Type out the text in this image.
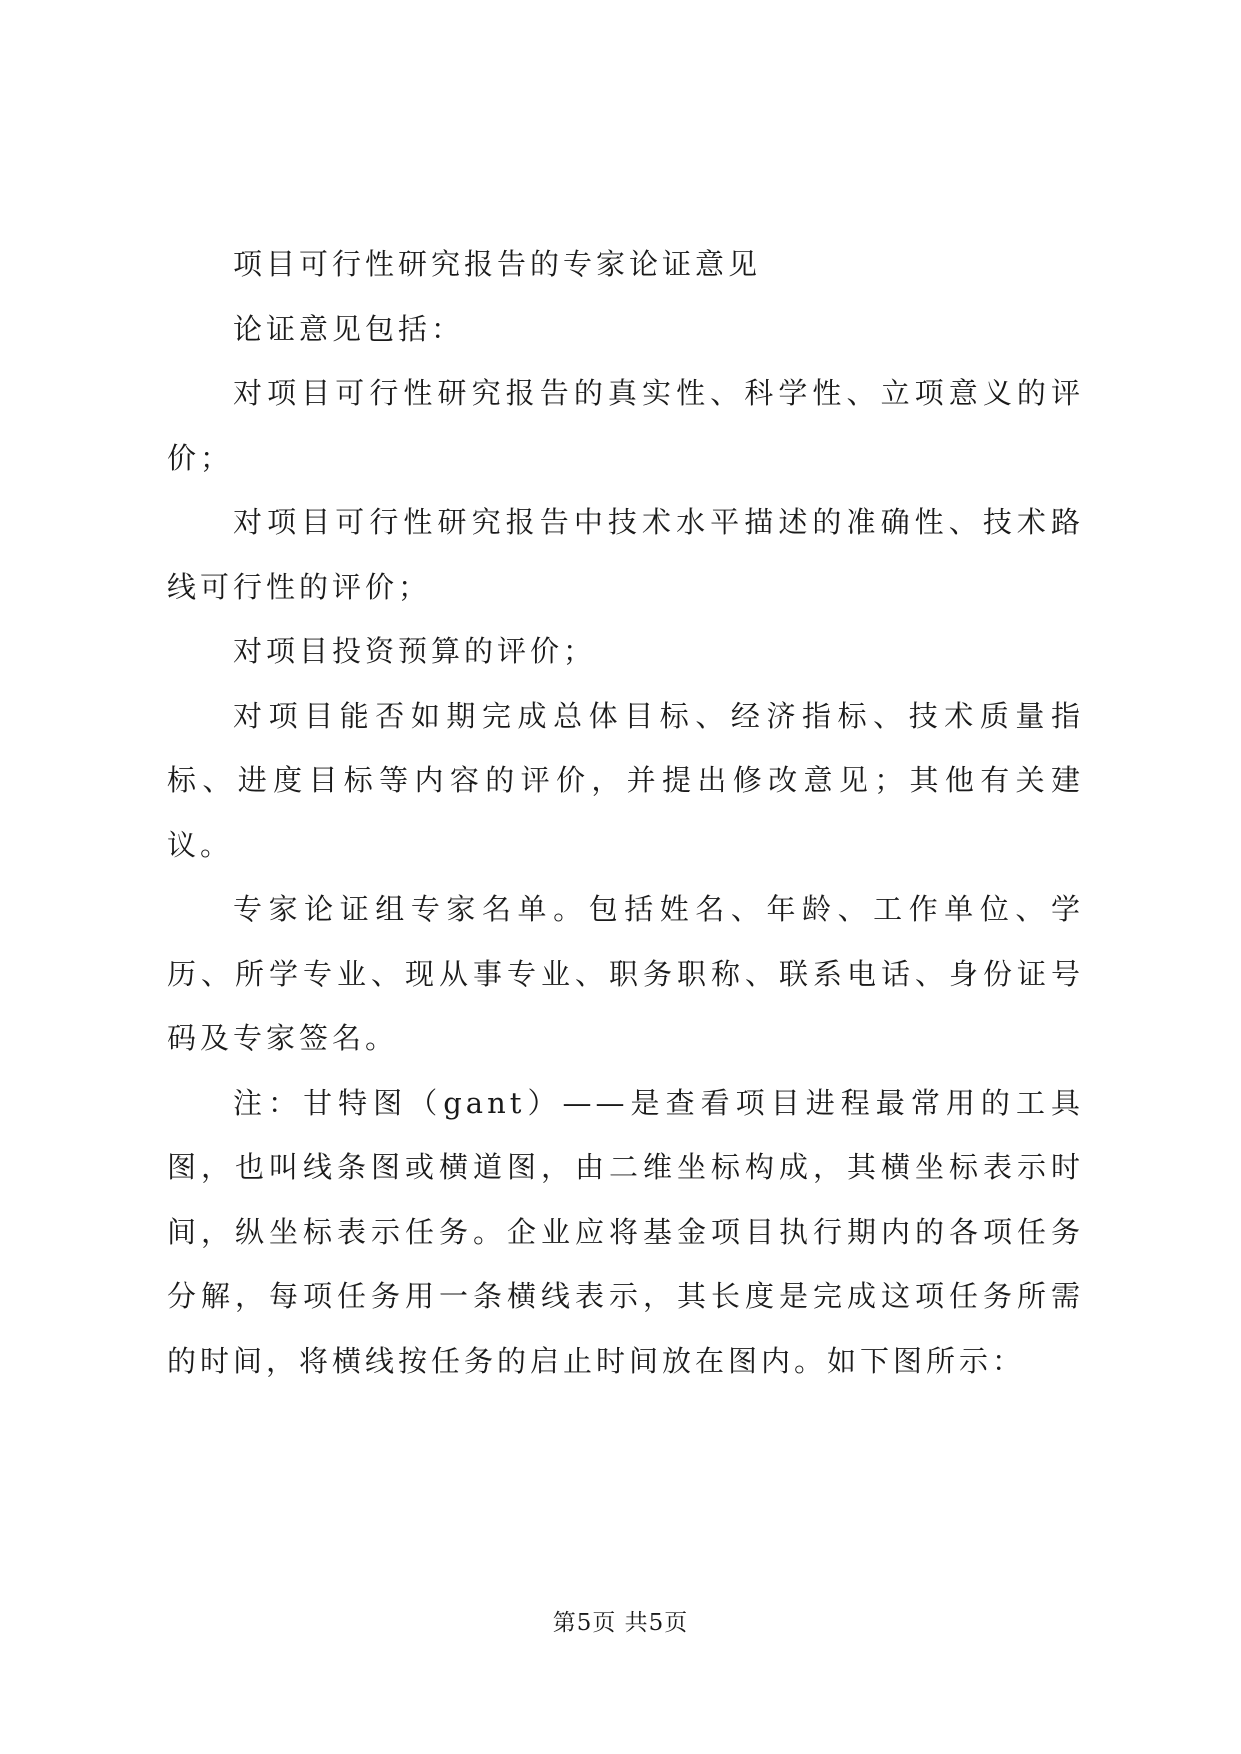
项目可行性研究报告的专家论证意见

论证意见包括：

对项目可行性研究报告的真实性、科学性、立项意义的评价；

对项目可行性研究报告中技术水平描述的准确性、技术路线可行性的评价；

对项目投资预算的评价；

对项目能否如期完成总体目标、经济指标、技术质量指标、进度目标等内容的评价，并提出修改意见；其他有关建议。

专家论证组专家名单。包括姓名、年龄、工作单位、学历、所学专业、现从事专业、职务职称、联系电话、身份证号码及专家签名。

注：甘特图（gant）——是查看项目进程最常用的工具图，也叫线条图或横道图，由二维坐标构成，其横坐标表示时间，纵坐标表示任务。企业应将基金项目执行期内的各项任务分解，每项任务用一条横线表示，其长度是完成这项任务所需的时间，将横线按任务的启止时间放在图内。如下图所示：

第5页 共5页
